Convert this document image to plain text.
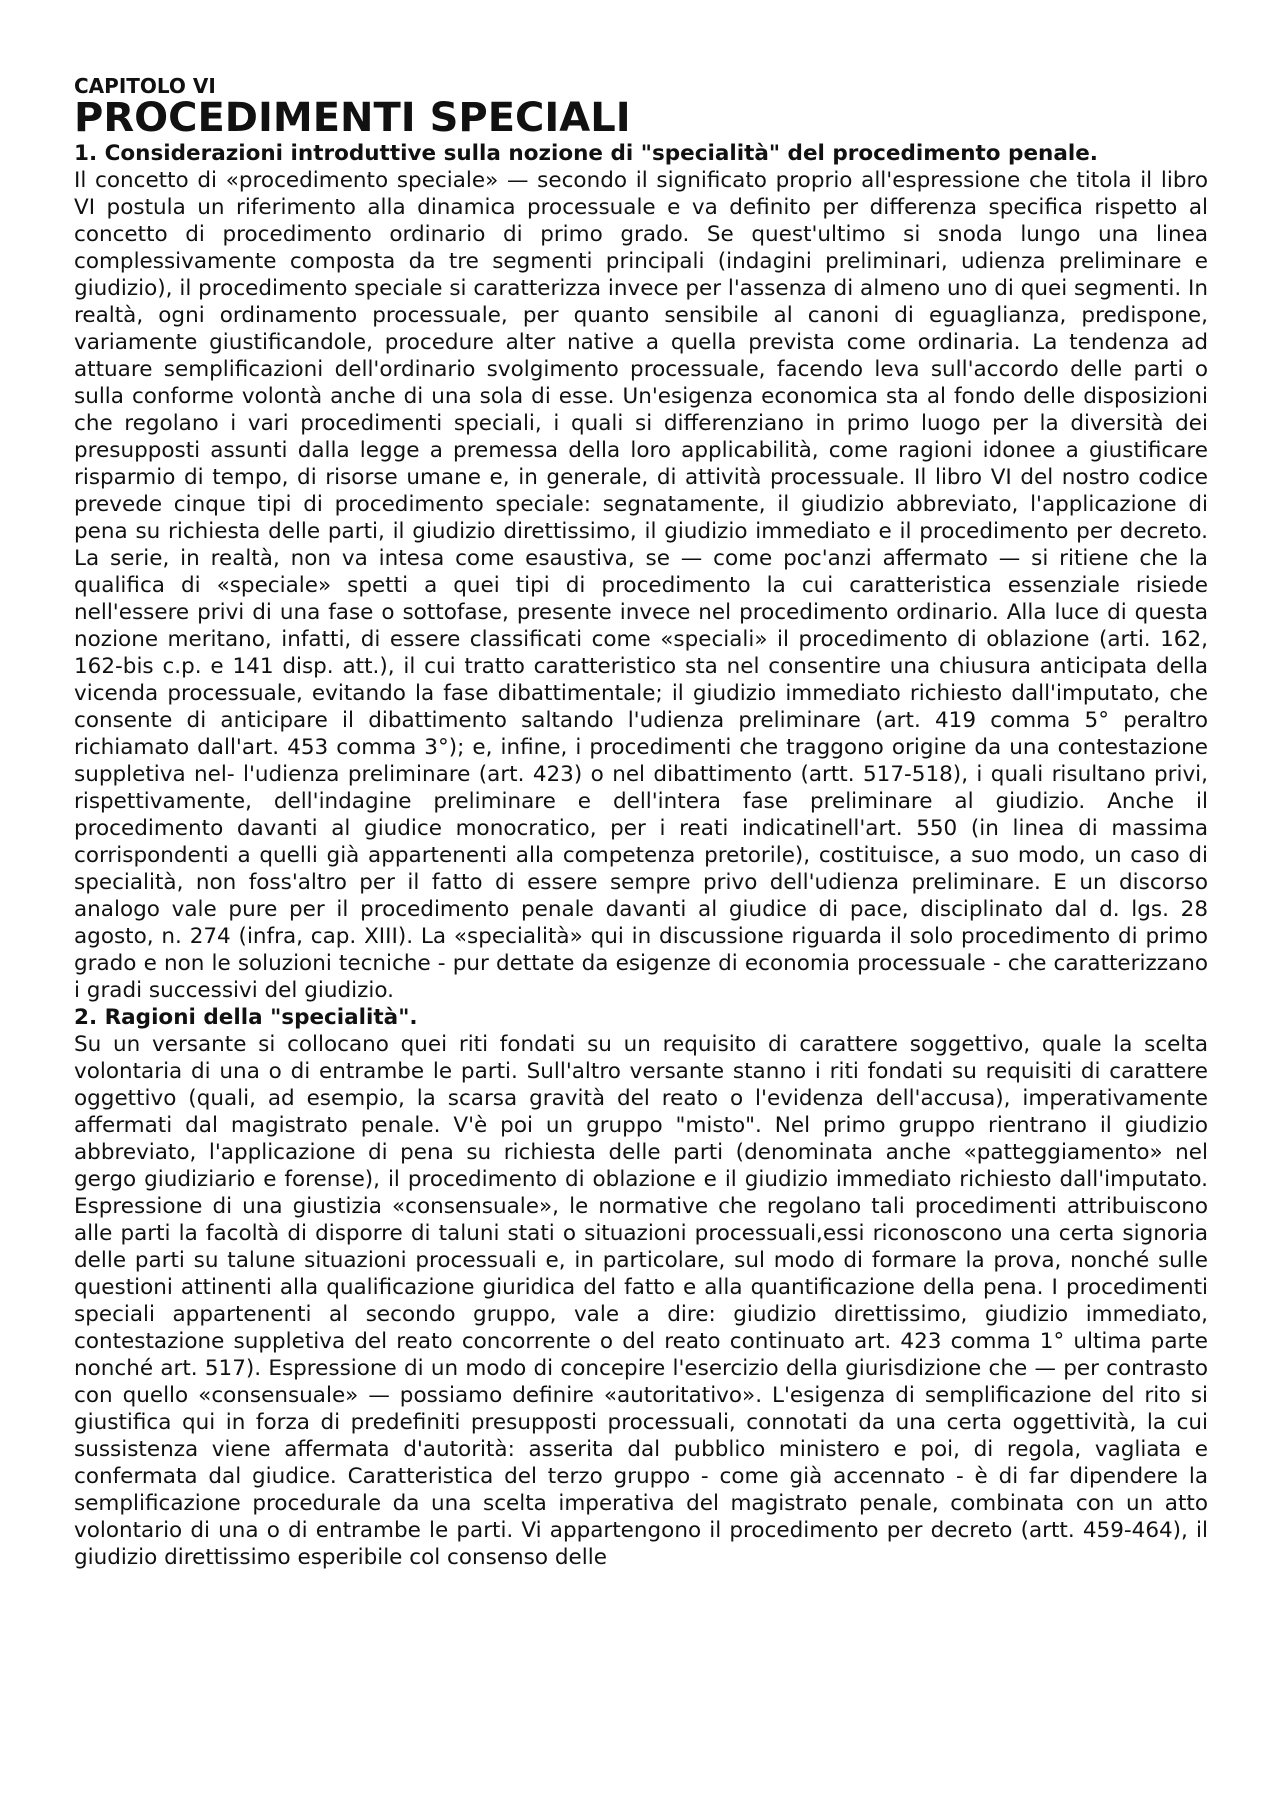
CAPITOLO VI
PROCEDIMENTI SPECIALI
1. Considerazioni introduttive sulla nozione di "specialità" del procedimento penale.

Il concetto di «procedimento speciale» — secondo il significato proprio all'espressione che titola il libro VI postula un riferimento alla dinamica processuale e va definito per differenza specifica rispetto al concetto di procedimento ordinario di primo grado. Se quest'ultimo si snoda lungo una linea complessivamente composta da tre segmenti principali (indagini preliminari, udienza preliminare e giudizio), il procedimento speciale si caratterizza invece per l'assenza di almeno uno di quei segmenti. In realtà, ogni ordinamento processuale, per quanto sensibile al canoni di eguaglianza, predispone, variamente giustificandole, procedure alter native a quella prevista come ordinaria. La tendenza ad attuare semplificazioni dell'ordinario svolgimento processuale, facendo leva sull'accordo delle parti o sulla conforme volontà anche di una sola di esse. Un'esigenza economica sta al fondo delle disposizioni che regolano i vari procedimenti speciali, i quali si differenziano in primo luogo per la diversità dei presupposti assunti dalla legge a premessa della loro applicabilità, come ragioni idonee a giustificare risparmio di tempo, di risorse umane e, in generale, di attività processuale. Il libro VI del nostro codice prevede cinque tipi di procedimento speciale: segnatamente, il giudizio abbreviato, l'applicazione di pena su richiesta delle parti, il giudizio direttissimo, il giudizio immediato e il procedimento per decreto. La serie, in realtà, non va intesa come esaustiva, se — come poc'anzi affermato — si ritiene che la qualifica di «speciale» spetti a quei tipi di procedimento la cui caratteristica essenziale risiede nell'essere privi di una fase o sottofase, presente invece nel procedimento ordinario. Alla luce di questa nozione meritano, infatti, di essere classificati come «speciali» il procedimento di oblazione (arti. 162, 162-bis c.p. e 141 disp. att.), il cui tratto caratteristico sta nel consentire una chiusura anticipata della vicenda processuale, evitando la fase dibattimentale; il giudizio immediato richiesto dall'imputato, che consente di anticipare il dibattimento saltando l'udienza preliminare (art. 419 comma 5° peraltro richiamato dall'art. 453 comma 3°); e, infine, i procedimenti che traggono origine da una contestazione suppletiva nel- l'udienza preliminare (art. 423) o nel dibattimento (artt. 517-518), i quali risultano privi, rispettivamente, dell'indagine preliminare e dell'intera fase preliminare al giudizio. Anche il procedimento davanti al giudice monocratico, per i reati indicatinell'art. 550 (in linea di massima corrispondenti a quelli già appartenenti alla competenza pretorile), costituisce, a suo modo, un caso di specialità, non foss'altro per il fatto di essere sempre privo dell'udienza preliminare. E un discorso analogo vale pure per il procedimento penale davanti al giudice di pace, disciplinato dal d. lgs. 28 agosto, n. 274 (infra, cap. XIII). La «specialità» qui in discussione riguarda il solo procedimento di primo grado e non le soluzioni tecniche - pur dettate da esigenze di economia processuale - che caratterizzano i gradi successivi del giudizio.

2. Ragioni della "specialità".

Su un versante si collocano quei riti fondati su un requisito di carattere soggettivo, quale la scelta volontaria di una o di entrambe le parti. Sull'altro versante stanno i riti fondati su requisiti di carattere oggettivo (quali, ad esempio, la scarsa gravità del reato o l'evidenza dell'accusa), imperativamente affermati dal magistrato penale. V'è poi un gruppo "misto". Nel primo gruppo rientrano il giudizio abbreviato, l'applicazione di pena su richiesta delle parti (denominata anche «patteggiamento» nel gergo giudiziario e forense), il procedimento di oblazione e il giudizio immediato richiesto dall'imputato. Espressione di una giustizia «consensuale», le normative che regolano tali procedimenti attribuiscono alle parti la facoltà di disporre di taluni stati o situazioni processuali,essi riconoscono una certa signoria delle parti su talune situazioni processuali e, in particolare, sul modo di formare la prova, nonché sulle questioni attinenti alla qualificazione giuridica del fatto e alla quantificazione della pena. I procedimenti speciali appartenenti al secondo gruppo, vale a dire: giudizio direttissimo, giudizio immediato, contestazione suppletiva del reato concorrente o del reato continuato art. 423 comma 1° ultima parte nonché art. 517). Espressione di un modo di concepire l'esercizio della giurisdizione che — per contrasto con quello «consensuale» — possiamo definire «autoritativo». L'esigenza di semplificazione del rito si giustifica qui in forza di predefiniti presupposti processuali, connotati da una certa oggettività, la cui sussistenza viene affermata d'autorità: asserita dal pubblico ministero e poi, di regola, vagliata e confermata dal giudice. Caratteristica del terzo gruppo - come già accennato - è di far dipendere la semplificazione procedurale da una scelta imperativa del magistrato penale, combinata con un atto volontario di una o di entrambe le parti. Vi appartengono il procedimento per decreto (artt. 459-464), il giudizio direttissimo esperibile col consenso delle
